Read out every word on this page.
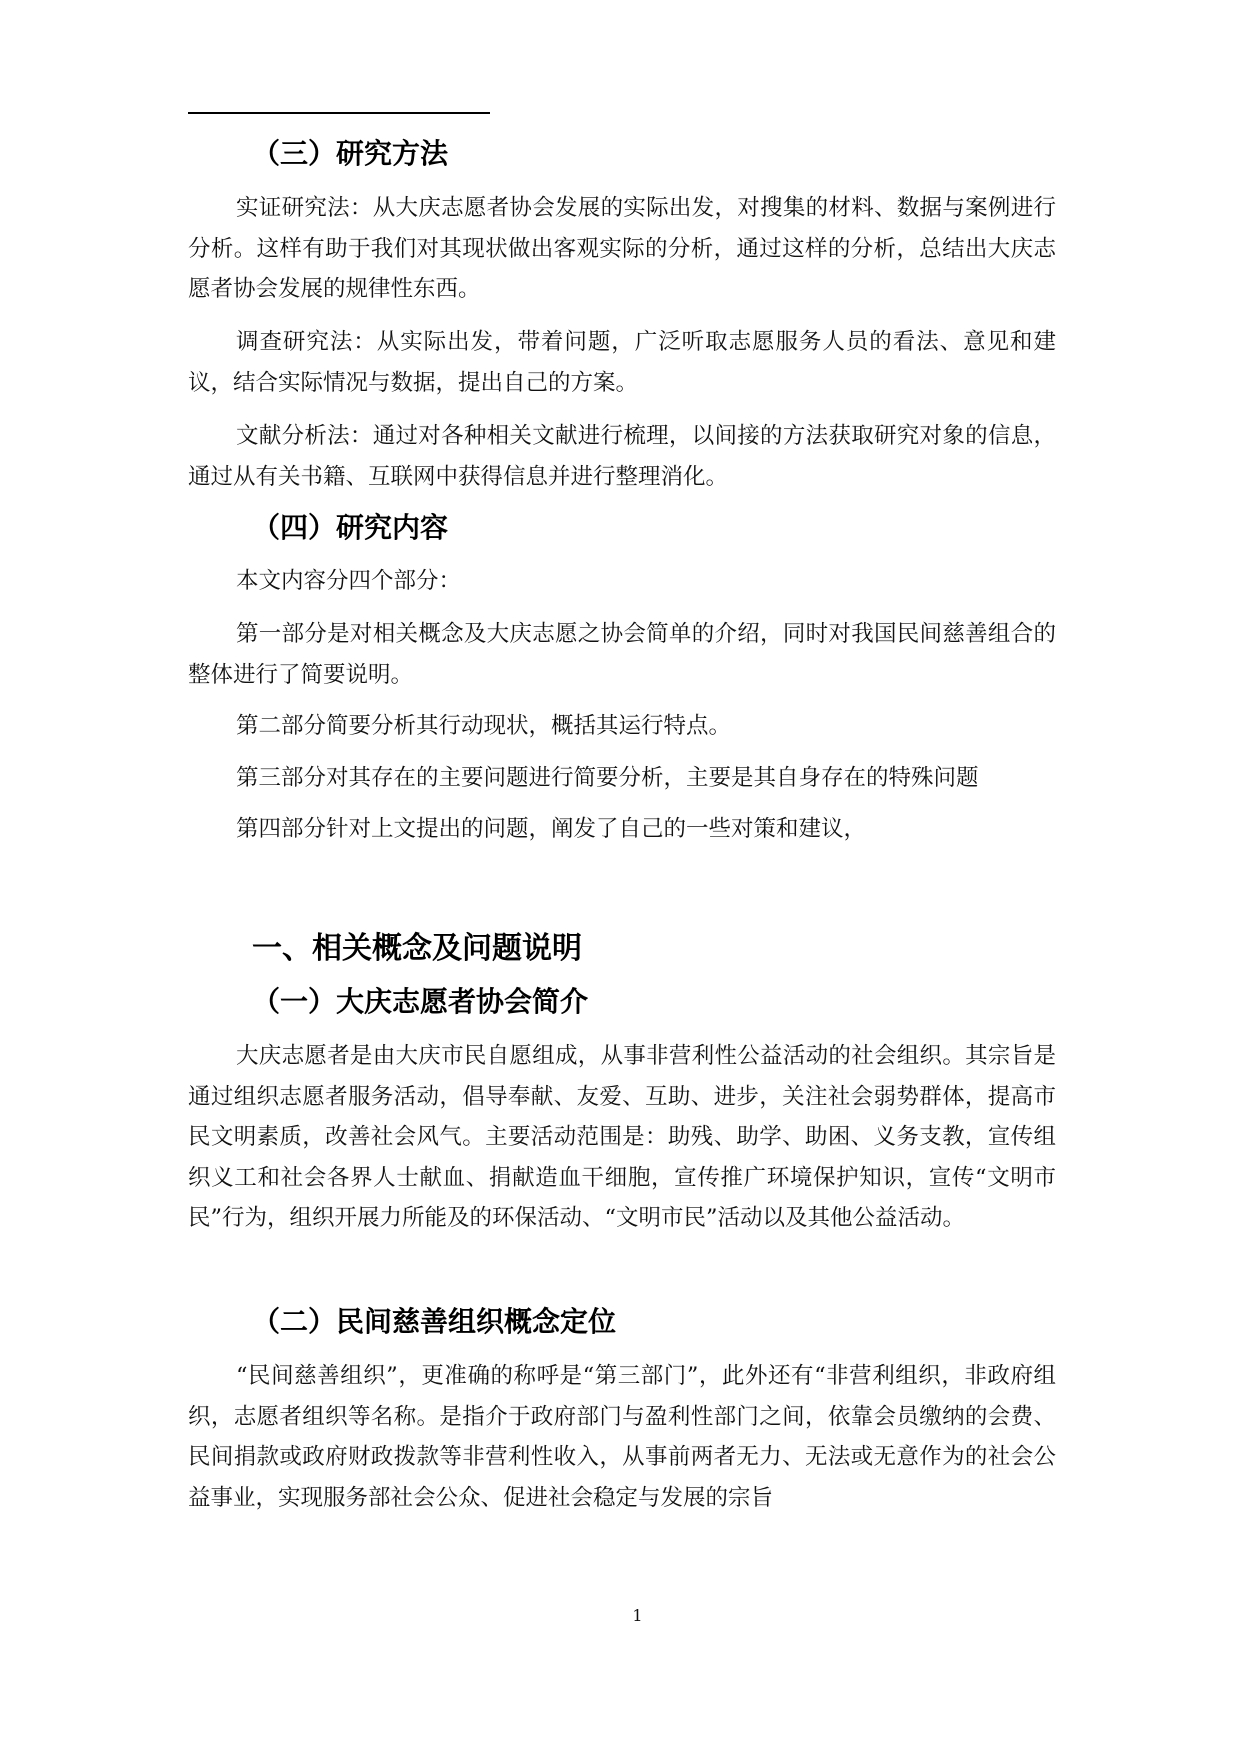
（三）研究方法

实证研究法：从大庆志愿者协会发展的实际出发，对搜集的材料、数据与案例进行分析。这样有助于我们对其现状做出客观实际的分析，通过这样的分析，总结出大庆志愿者协会发展的规律性东西。

调查研究法：从实际出发，带着问题，广泛听取志愿服务人员的看法、意见和建议，结合实际情况与数据，提出自己的方案。

文献分析法：通过对各种相关文献进行梳理，以间接的方法获取研究对象的信息，通过从有关书籍、互联网中获得信息并进行整理消化。

（四）研究内容

本文内容分四个部分：

第一部分是对相关概念及大庆志愿之协会简单的介绍，同时对我国民间慈善组合的整体进行了简要说明。

第二部分简要分析其行动现状，概括其运行特点。

第三部分对其存在的主要问题进行简要分析，主要是其自身存在的特殊问题

第四部分针对上文提出的问题，阐发了自己的一些对策和建议，

一、相关概念及问题说明
（一）大庆志愿者协会简介

大庆志愿者是由大庆市民自愿组成，从事非营利性公益活动的社会组织。其宗旨是通过组织志愿者服务活动，倡导奉献、友爱、互助、进步，关注社会弱势群体，提高市民文明素质，改善社会风气。主要活动范围是：助残、助学、助困、义务支教，宣传组织义工和社会各界人士献血、捐献造血干细胞，宣传推广环境保护知识，宣传“文明市民”行为，组织开展力所能及的环保活动、“文明市民”活动以及其他公益活动。

（二）民间慈善组织概念定位

“民间慈善组织”，更准确的称呼是“第三部门”，此外还有“非营利组织，非政府组织，志愿者组织等名称。是指介于政府部门与盈利性部门之间，依靠会员缴纳的会费、民间捐款或政府财政拨款等非营利性收入，从事前两者无力、无法或无意作为的社会公益事业，实现服务部社会公众、促进社会稳定与发展的宗旨

1
